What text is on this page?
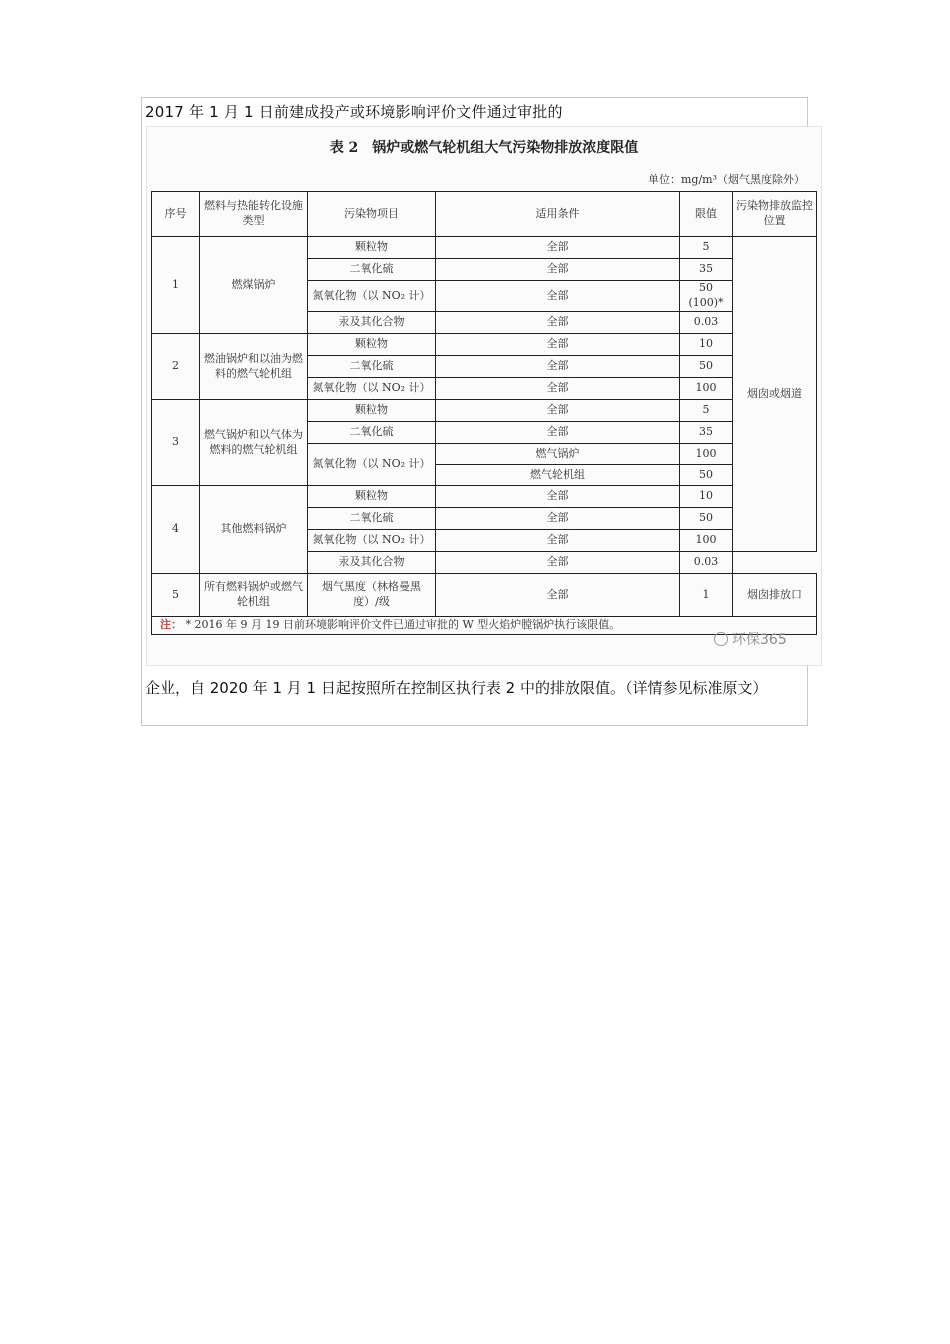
2017 年 1 月 1 日前建成投产或环境影响评价文件通过审批的
表 2　锅炉或燃气轮机组大气污染物排放浓度限值
单位：mg/m³（烟气黑度除外）
序号	燃料与热能转化设施类型	污染物项目	适用条件	限值	污染物排放监控位置
1	燃煤锅炉	颗粒物	全部	5	烟囱或烟道
		二氧化硫	全部	35	
		氮氧化物（以 NO₂ 计）	全部	50
(100)*	

		汞及其化合物	全部	0.03	
2	燃油锅炉和以油为燃料的燃气轮机组	颗粒物	全部	10	
		二氧化硫	全部	50	
		氮氧化物（以 NO₂ 计）	全部	100	
3	燃气锅炉和以气体为燃料的燃气轮机组	颗粒物	全部	5	
		二氧化硫	全部	35	
		氮氧化物（以 NO₂ 计）	燃气锅炉	100	
			燃气轮机组	50	
4	其他燃料锅炉	颗粒物	全部	10	
		二氧化硫	全部	50	
		氮氧化物（以 NO₂ 计）	全部	100	
		汞及其化合物	全部	0.03	
5	所有燃料锅炉或燃气轮机组	烟气黑度（林格曼黑度）/级	全部	1	烟囱排放口
注： * 2016 年 9 月 19 日前环境影响评价文件已通过审批的 W 型火焰炉膛锅炉执行该限值。					
环保365
企业，自 2020 年 1 月 1 日起按照所在控制区执行表 2 中的排放限值。（详情参见标准原文）
